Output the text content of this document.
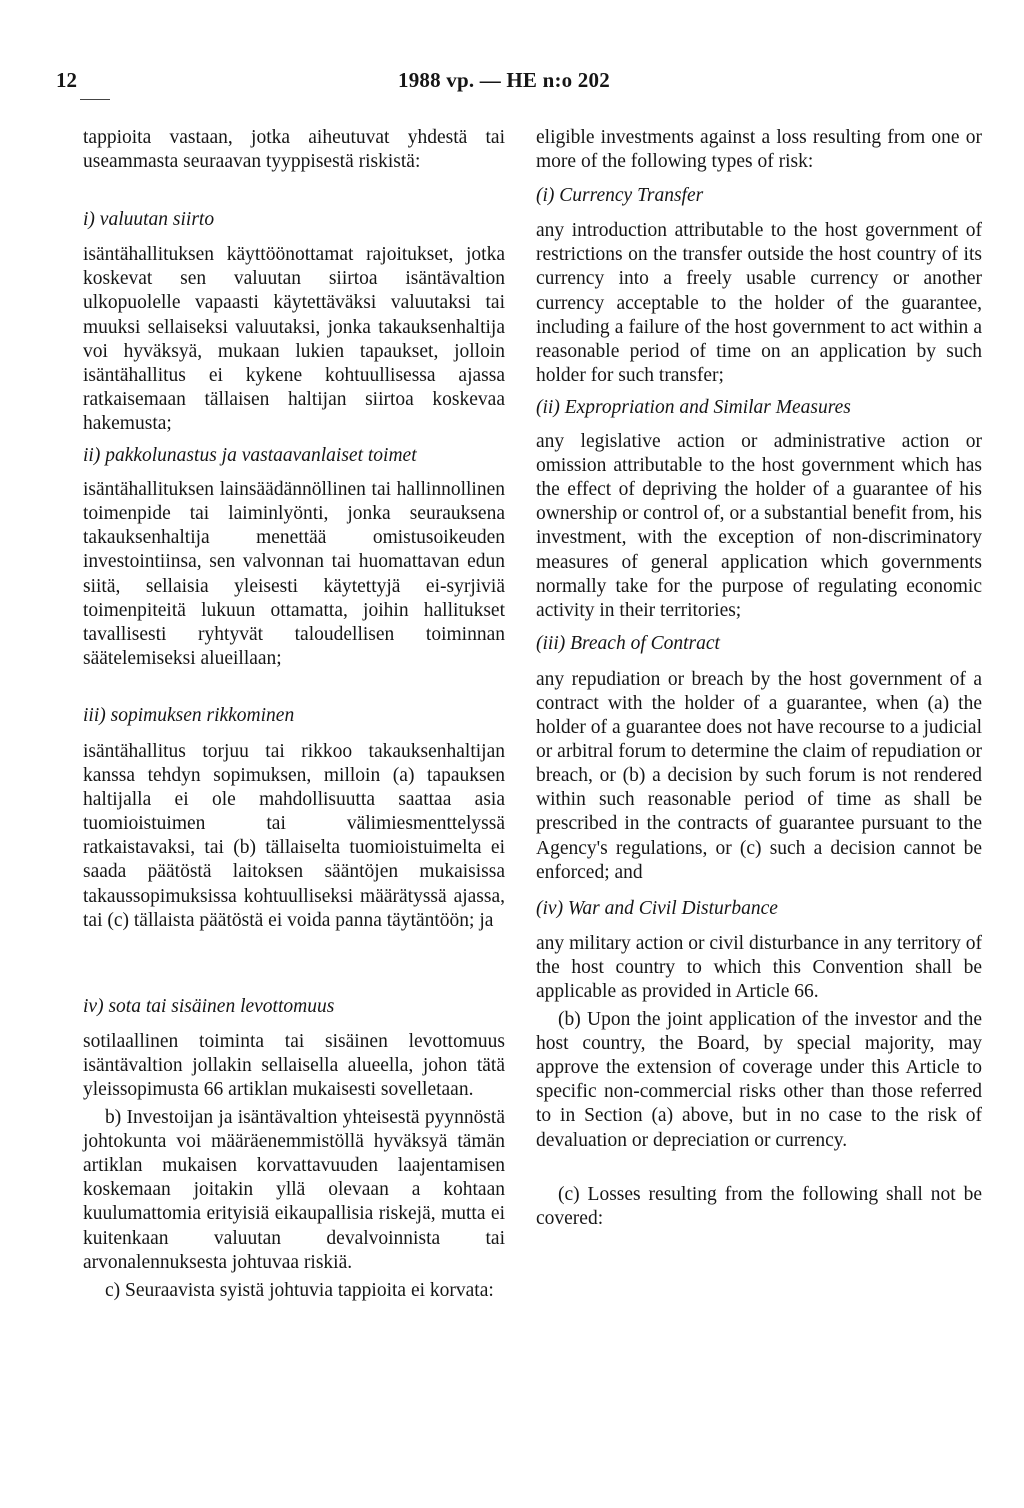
12	1988 vp. — HE n:o 202

tappioita vastaan, jotka aiheutuvat yhdestä tai useammasta seuraavan tyyppisestä riskistä:

i) valuutan siirto

isäntähallituksen käyttöönottamat rajoitukset, jotka koskevat sen valuutan siirtoa isäntävaltion ulkopuolelle vapaasti käytettäväksi valuutaksi tai muuksi sellaiseksi valuutaksi, jonka takauksenhaltija voi hyväksyä, mukaan lukien tapaukset, jolloin isäntähallitus ei kykene kohtuullisessa ajassa ratkaisemaan tällaisen haltijan siirtoa koskevaa hakemusta;

ii) pakkolunastus ja vastaavanlaiset toimet

isäntähallituksen lainsäädännöllinen tai hallinnollinen toimenpide tai laiminlyönti, jonka seurauksena takauksenhaltija menettää omistusoikeuden investointiinsa, sen valvonnan tai huomattavan edun siitä, sellaisia yleisesti käytettyjä ei-syrjiviä toimenpiteitä lukuun ottamatta, joihin hallitukset tavallisesti ryhtyvät taloudellisen toiminnan säätelemiseksi alueillaan;

iii) sopimuksen rikkominen

isäntähallitus torjuu tai rikkoo takauksenhaltijan kanssa tehdyn sopimuksen, milloin (a) tapauksen haltijalla ei ole mahdollisuutta saattaa asia tuomioistuimen tai välimiesmenttelyssä ratkaistavaksi, tai (b) tällaiselta tuomioistuimelta ei saada päätöstä laitoksen sääntöjen mukaisissa takaussopimuksissa kohtuulliseksi määrätyssä ajassa, tai (c) tällaista päätöstä ei voida panna täytäntöön; ja

iv) sota tai sisäinen levottomuus

sotilaallinen toiminta tai sisäinen levottomuus isäntävaltion jollakin sellaisella alueella, johon tätä yleissopimusta 66 artiklan mukaisesti sovelletaan.

b) Investoijan ja isäntävaltion yhteisestä pyynnöstä johtokunta voi määräenemmistöllä hyväksyä tämän artiklan mukaisen korvattavuuden laajentamisen koskemaan joitakin yllä olevaan a kohtaan kuulumattomia erityisiä eikaupallisia riskejä, mutta ei kuitenkaan valuutan devalvoinnista tai arvonalennuksesta johtuvaa riskiä.

c) Seuraavista syistä johtuvia tappioita ei korvata:

eligible investments against a loss resulting from one or more of the following types of risk:

(i) Currency Transfer

any introduction attributable to the host government of restrictions on the transfer outside the host country of its currency into a freely usable currency or another currency acceptable to the holder of the guarantee, including a failure of the host government to act within a reasonable period of time on an application by such holder for such transfer;

(ii) Expropriation and Similar Measures

any legislative action or administrative action or omission attributable to the host government which has the effect of depriving the holder of a guarantee of his ownership or control of, or a substantial benefit from, his investment, with the exception of non-discriminatory measures of general application which governments normally take for the purpose of regulating economic activity in their territories;

(iii) Breach of Contract

any repudiation or breach by the host government of a contract with the holder of a guarantee, when (a) the holder of a guarantee does not have recourse to a judicial or arbitral forum to determine the claim of repudiation or breach, or (b) a decision by such forum is not rendered within such reasonable period of time as shall be prescribed in the contracts of guarantee pursuant to the Agency's regulations, or (c) such a decision cannot be enforced; and

(iv) War and Civil Disturbance

any military action or civil disturbance in any territory of the host country to which this Convention shall be applicable as provided in Article 66.

(b) Upon the joint application of the investor and the host country, the Board, by special majority, may approve the extension of coverage under this Article to specific non-commercial risks other than those referred to in Section (a) above, but in no case to the risk of devaluation or depreciation or currency.

(c) Losses resulting from the following shall not be covered:
